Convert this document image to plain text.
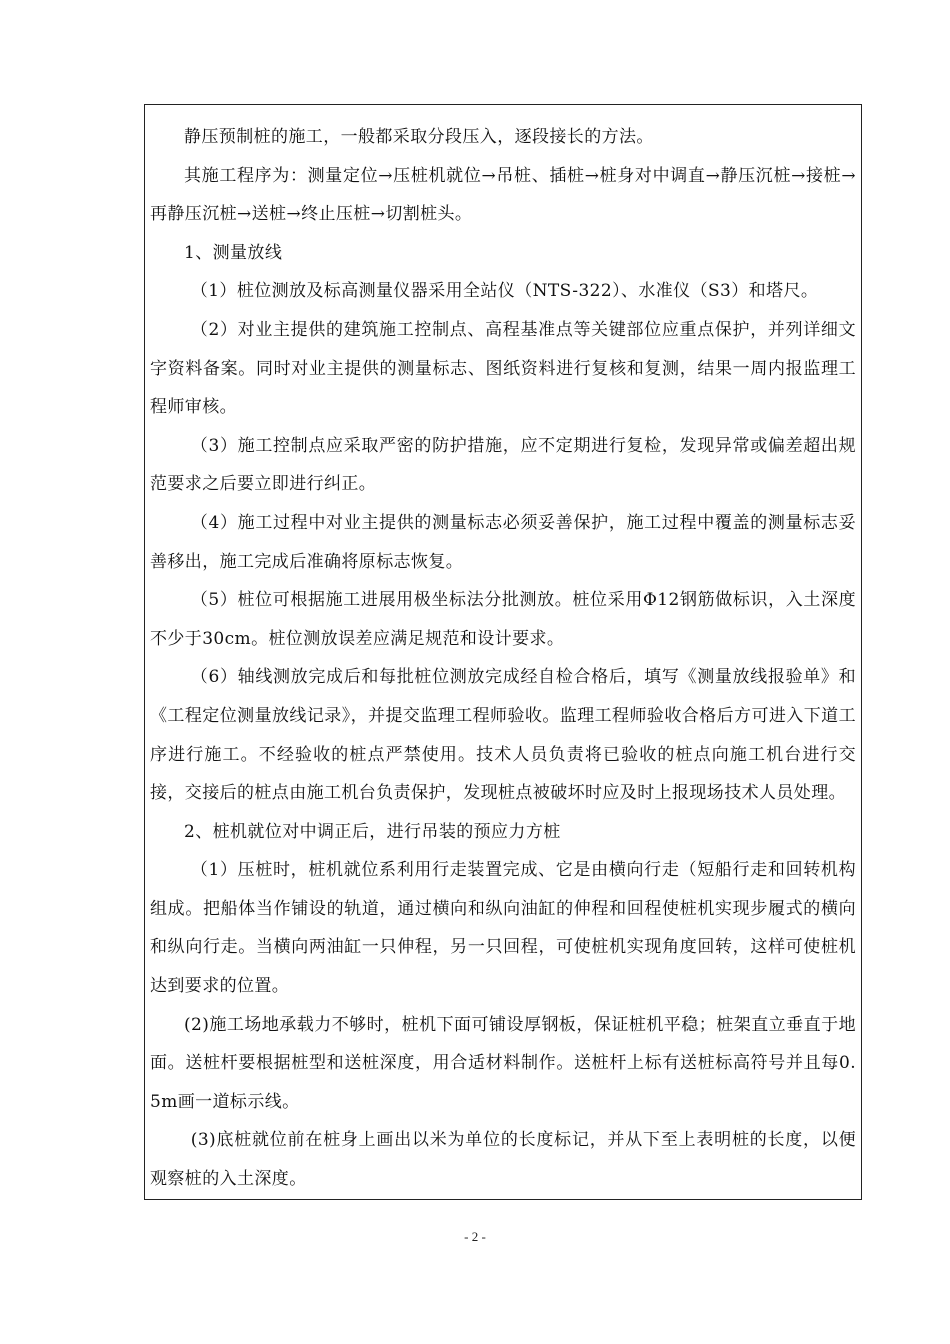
静压预制桩的施工，一般都采取分段压入，逐段接长的方法。

其施工程序为：测量定位→压桩机就位→吊桩、插桩→桩身对中调直→静压沉桩→接桩→再静压沉桩→送桩→终止压桩→切割桩头。

1、测量放线

（1）桩位测放及标高测量仪器采用全站仪（NTS-322）、水准仪（S3）和塔尺。

（2）对业主提供的建筑施工控制点、高程基准点等关键部位应重点保护，并列详细文字资料备案。同时对业主提供的测量标志、图纸资料进行复核和复测，结果一周内报监理工程师审核。

（3）施工控制点应采取严密的防护措施，应不定期进行复检，发现异常或偏差超出规范要求之后要立即进行纠正。

（4）施工过程中对业主提供的测量标志必须妥善保护，施工过程中覆盖的测量标志妥善移出，施工完成后准确将原标志恢复。

（5）桩位可根据施工进展用极坐标法分批测放。桩位采用Φ12钢筋做标识，入土深度不少于30cm。桩位测放误差应满足规范和设计要求。

（6）轴线测放完成后和每批桩位测放完成经自检合格后，填写《测量放线报验单》和《工程定位测量放线记录》，并提交监理工程师验收。监理工程师验收合格后方可进入下道工序进行施工。不经验收的桩点严禁使用。技术人员负责将已验收的桩点向施工机台进行交接，交接后的桩点由施工机台负责保护，发现桩点被破坏时应及时上报现场技术人员处理。

2、桩机就位对中调正后，进行吊装的预应力方桩

（1）压桩时，桩机就位系利用行走装置完成、它是由横向行走（短船行走和回转机构组成。把船体当作铺设的轨道，通过横向和纵向油缸的伸程和回程使桩机实现步履式的横向和纵向行走。当横向两油缸一只伸程，另一只回程，可使桩机实现角度回转，这样可使桩机达到要求的位置。

(2)施工场地承载力不够时，桩机下面可铺设厚钢板，保证桩机平稳；桩架直立垂直于地面。送桩杆要根据桩型和送桩深度，用合适材料制作。送桩杆上标有送桩标高符号并且每0.5m画一道标示线。

(3)底桩就位前在桩身上画出以米为单位的长度标记，并从下至上表明桩的长度，以便观察桩的入土深度。

- 2 -
